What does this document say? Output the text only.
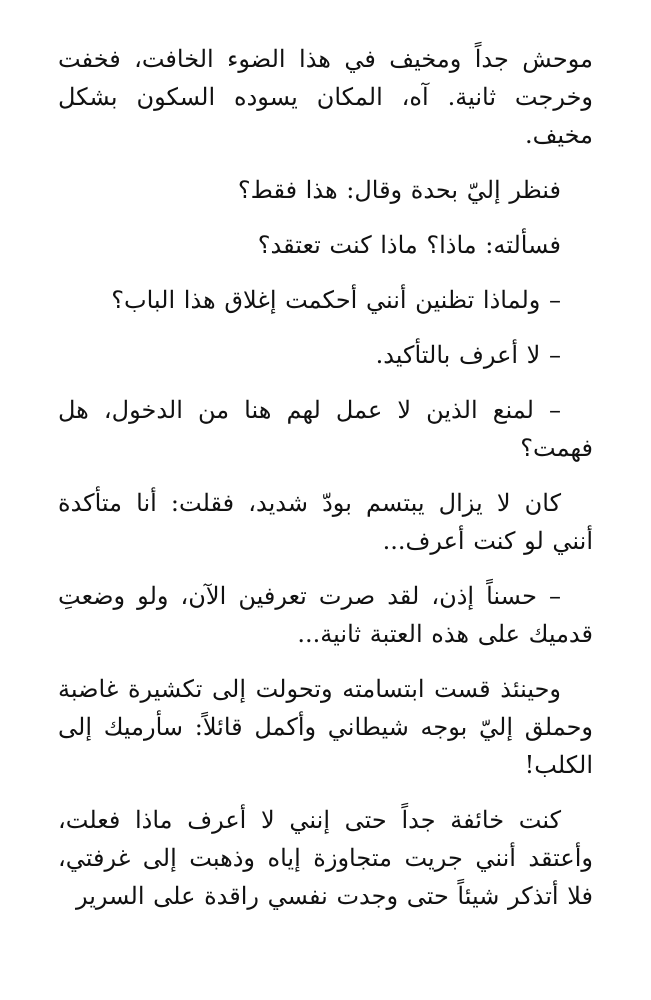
موحش جداً ومخيف في هذا الضوء الخافت، فخفت وخرجت ثانية. آه، المكان يسوده السكون بشكل مخيف.

فنظر إليّ بحدة وقال: هذا فقط؟

فسألته: ماذا؟ ماذا كنت تعتقد؟

– ولماذا تظنين أنني أحكمت إغلاق هذا الباب؟

– لا أعرف بالتأكيد.

– لمنع الذين لا عمل لهم هنا من الدخول، هل فهمت؟

كان لا يزال يبتسم بودّ شديد، فقلت: أنا متأكدة أنني لو كنت أعرف...

– حسناً إذن، لقد صرت تعرفين الآن، ولو وضعتِ قدميك على هذه العتبة ثانية...

وحينئذ قست ابتسامته وتحولت إلى تكشيرة غاضبة وحملق إليّ بوجه شيطاني وأكمل قائلاً: سأرميك إلى الكلب!

كنت خائفة جداً حتى إنني لا أعرف ماذا فعلت، وأعتقد أنني جريت متجاوزة إياه وذهبت إلى غرفتي، فلا أتذكر شيئاً حتى وجدت نفسي راقدة على السرير
